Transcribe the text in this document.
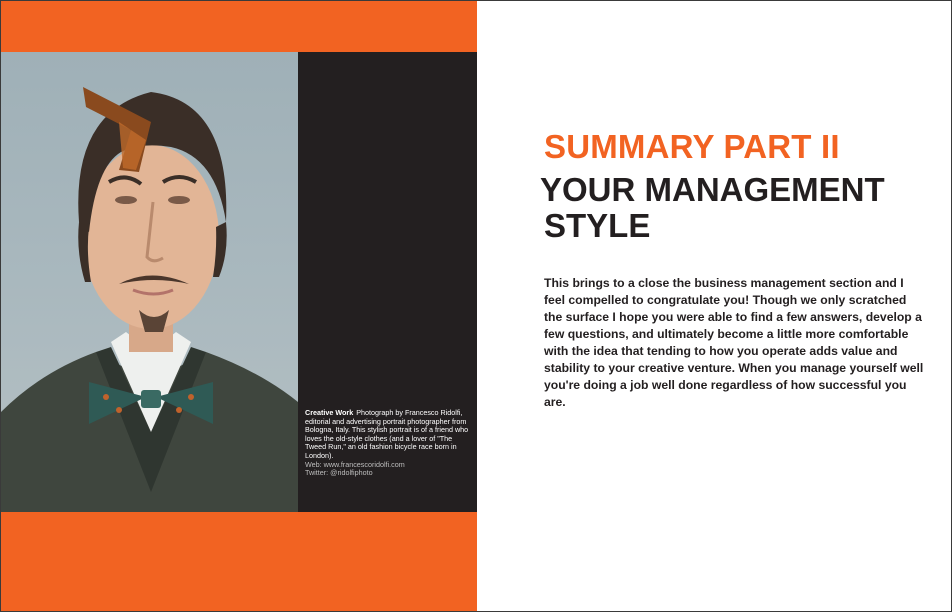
Creative Work Photograph by Francesco Ridolfi, editorial and advertising portrait photographer from Bologna, Italy. This stylish portrait is of a friend who loves the old-style clothes (and a lover of "The Tweed Run," an old fashion bicycle race born in London).
Web: www.francescoridolfi.com
Twitter: @ridolfiphoto
SUMMARY PART II
YOUR MANAGEMENT
STYLE
This brings to a close the business management section and I feel compelled to congratulate you! Though we only scratched the surface I hope you were able to find a few answers, develop a few questions, and ultimately become a little more comfortable with the idea that tending to how you operate adds value and stability to your creative venture. When you manage yourself well you're doing a job well done regardless of how successful you are.
